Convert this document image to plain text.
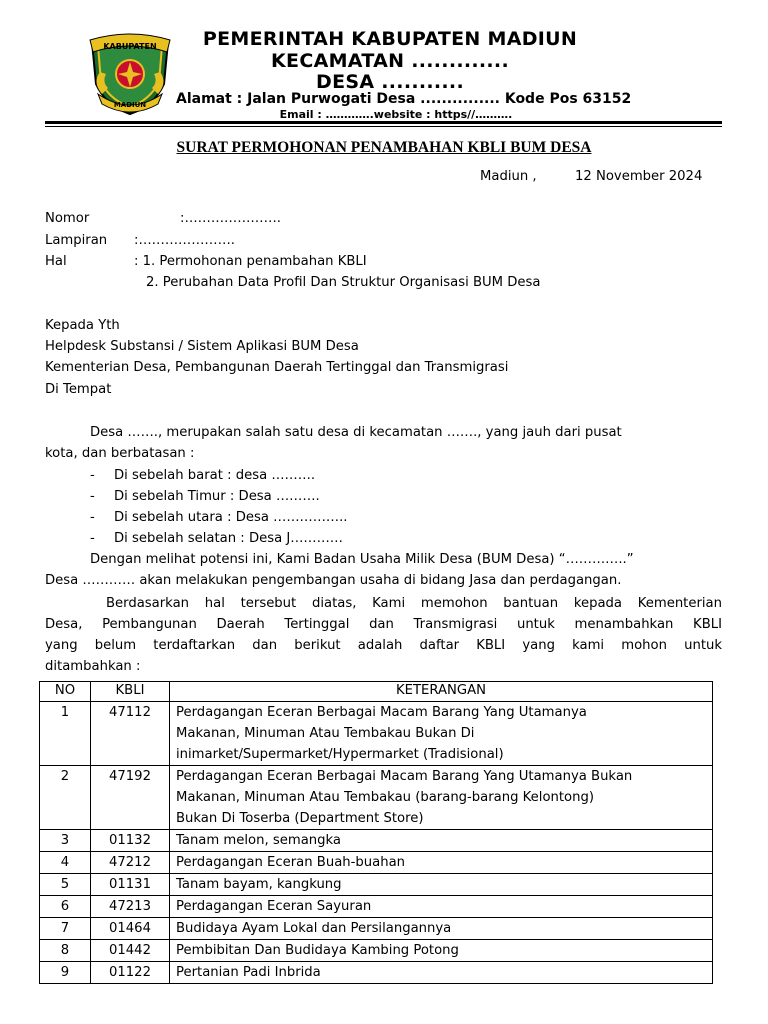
KABUPATEN
MADIUN
PEMERINTAH KABUPATEN MADIUN
KECAMATAN .............
DESA ...........
Alamat : Jalan Purwogati Desa ............... Kode Pos 63152
Email : ………….website : https//……….
SURAT PERMOHONAN PENAMBAHAN KBLI BUM DESA
Madiun ,	12 November 2024
Nomor	:………………….
Lampiran :………………….
Hal	: 1. Permohonan penambahan KBLI
2. Perubahan Data Profil Dan Struktur Organisasi BUM Desa
Kepada Yth
Helpdesk Substansi / Sistem Aplikasi BUM Desa
Kementerian Desa, Pembangunan Daerah Tertinggal dan Transmigrasi
Di Tempat
Desa ……., merupakan salah satu desa di kecamatan ……., yang jauh dari pusat
kota, dan berbatasan :
- Di sebelah barat : desa ……….
- Di sebelah Timur : Desa ……….
- Di sebelah utara : Desa ……………..
- Di sebelah selatan : Desa J…………
Dengan melihat potensi ini, Kami Badan Usaha Milik Desa (BUM Desa) “…………..”
Desa ………… akan melakukan pengembangan usaha di bidang Jasa dan perdagangan.
Berdasarkan hal tersebut diatas, Kami memohon bantuan kepada Kementerian
Desa, Pembangunan Daerah Tertinggal dan Transmigrasi untuk menambahkan KBLI
yang belum terdaftarkan dan berikut adalah daftar KBLI yang kami mohon untuk
ditambahkan :
NO	KBLI	KETERANGAN
1	47112	Perdagangan Eceran Berbagai Macam Barang Yang Utamanya
Makanan, Minuman Atau Tembakau Bukan Di
inimarket/Supermarket/Hypermarket (Tradisional)

2	47192	Perdagangan Eceran Berbagai Macam Barang Yang Utamanya Bukan
Makanan, Minuman Atau Tembakau (barang-barang Kelontong)
Bukan Di Toserba (Department Store)

3	01132	Tanam melon, semangka
4	47212	Perdagangan Eceran Buah-buahan
5	01131	Tanam bayam, kangkung
6	47213	Perdagangan Eceran Sayuran
7	01464	Budidaya Ayam Lokal dan Persilangannya
8	01442	Pembibitan Dan Budidaya Kambing Potong
9	01122	Pertanian Padi Inbrida
